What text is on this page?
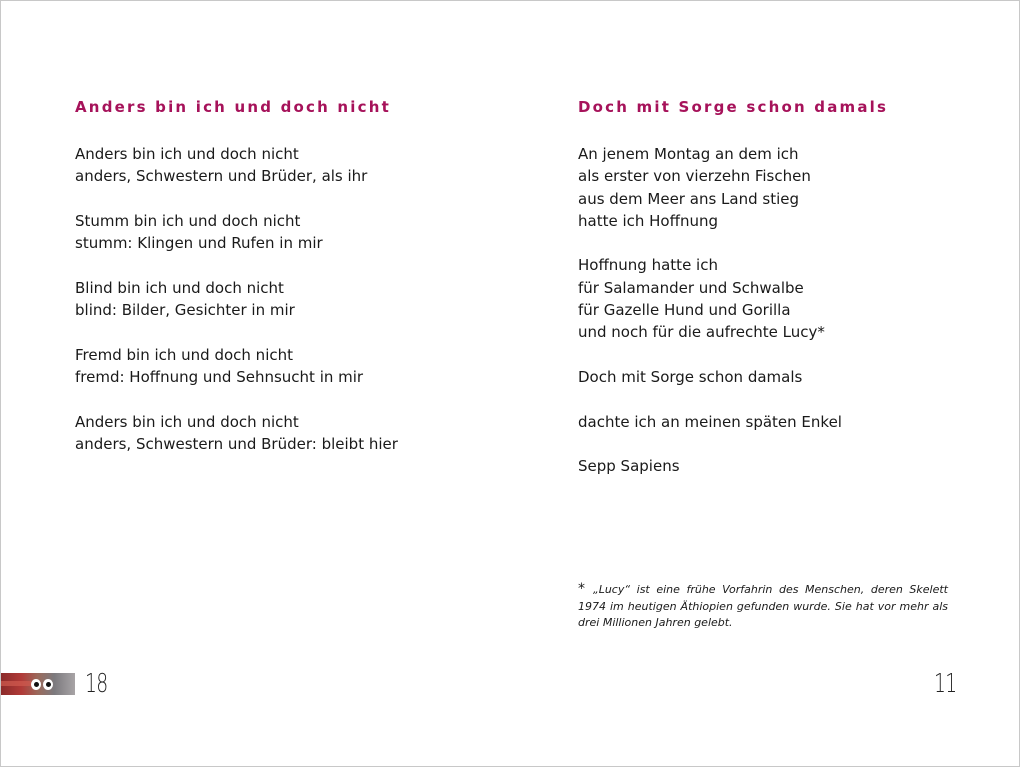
Anders bin ich und doch nicht

Anders bin ich und doch nicht
anders, Schwestern und Brüder, als ihr

Stumm bin ich und doch nicht
stumm: Klingen und Rufen in mir

Blind bin ich und doch nicht
blind: Bilder, Gesichter in mir

Fremd bin ich und doch nicht
fremd: Hoffnung und Sehnsucht in mir

Anders bin ich und doch nicht
anders, Schwestern und Brüder: bleibt hier

18
Doch mit Sorge schon damals

An jenem Montag an dem ich
als erster von vierzehn Fischen
aus dem Meer ans Land stieg
hatte ich Hoffnung

Hoffnung hatte ich
für Salamander und Schwalbe
für Gazelle Hund und Gorilla
und noch für die aufrechte Lucy*

Doch mit Sorge schon damals

dachte ich an meinen späten Enkel

Sepp Sapiens

* „Lucy“ ist eine frühe Vorfahrin des Menschen, deren Skelett 1974 im heutigen Äthiopien gefunden wurde. Sie hat vor mehr als drei Millionen Jahren gelebt.
11
